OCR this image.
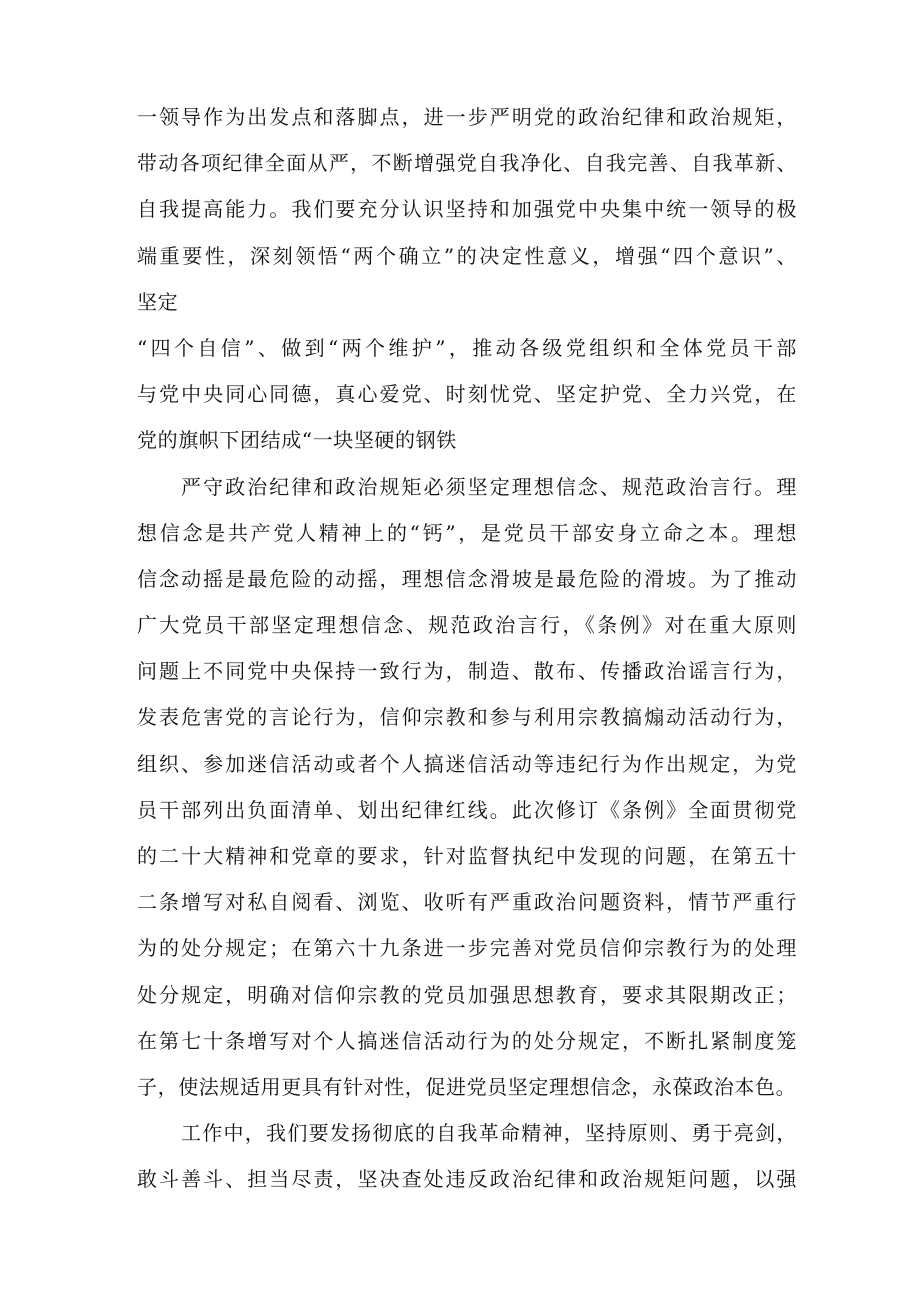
一领导作为出发点和落脚点，进一步严明党的政治纪律和政治规矩，
带动各项纪律全面从严，不断增强党自我净化、自我完善、自我革新、
自我提高能力。我们要充分认识坚持和加强党中央集中统一领导的极
端重要性，深刻领悟“两个确立”的决定性意义，增强“四个意识”、
坚定
“四个自信”、做到“两个维护”，推动各级党组织和全体党员干部
与党中央同心同德，真心爱党、时刻忧党、坚定护党、全力兴党，在
党的旗帜下团结成“一块坚硬的钢铁
严守政治纪律和政治规矩必须坚定理想信念、规范政治言行。理
想信念是共产党人精神上的“钙”，是党员干部安身立命之本。理想
信念动摇是最危险的动摇，理想信念滑坡是最危险的滑坡。为了推动
广大党员干部坚定理想信念、规范政治言行，《条例》对在重大原则
问题上不同党中央保持一致行为，制造、散布、传播政治谣言行为，
发表危害党的言论行为，信仰宗教和参与利用宗教搞煽动活动行为，
组织、参加迷信活动或者个人搞迷信活动等违纪行为作出规定，为党
员干部列出负面清单、划出纪律红线。此次修订《条例》全面贯彻党
的二十大精神和党章的要求，针对监督执纪中发现的问题，在第五十
二条增写对私自阅看、浏览、收听有严重政治问题资料，情节严重行
为的处分规定；在第六十九条进一步完善对党员信仰宗教行为的处理
处分规定，明确对信仰宗教的党员加强思想教育，要求其限期改正；
在第七十条增写对个人搞迷信活动行为的处分规定，不断扎紧制度笼
子，使法规适用更具有针对性，促进党员坚定理想信念，永葆政治本色。
工作中，我们要发扬彻底的自我革命精神，坚持原则、勇于亮剑，
敢斗善斗、担当尽责，坚决查处违反政治纪律和政治规矩问题，以强
